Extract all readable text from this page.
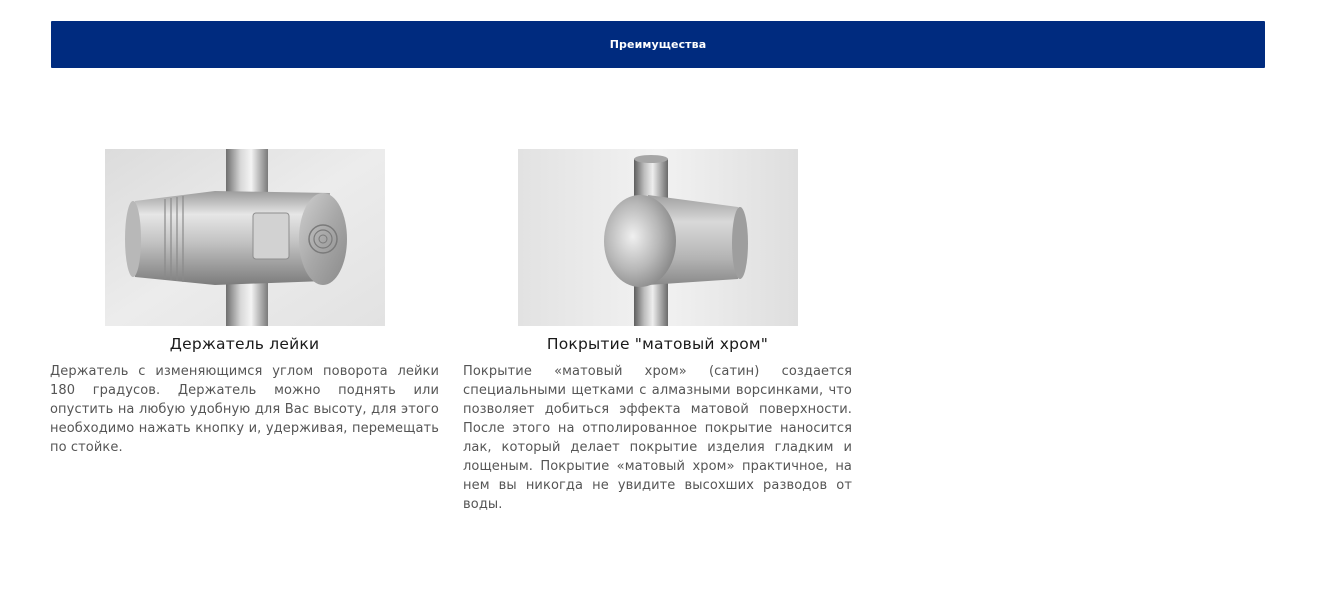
Преимущества
Держатель лейки

Держатель с изменяющимся углом поворота лейки 180 градусов. Держатель можно поднять или опустить на любую удобную для Вас высоту, для этого необходимо нажать кнопку и, удерживая, перемещать по стойке.

Покрытие "матовый хром"

Покрытие «матовый хром» (сатин) создается специальными щетками с алмазными ворсинками, что позволяет добиться эффекта матовой поверхности. После этого на отполированное покрытие наносится лак, который делает покрытие изделия гладким и лощеным. Покрытие «матовый хром» практичное, на нем вы никогда не увидите высохших разводов от воды.
